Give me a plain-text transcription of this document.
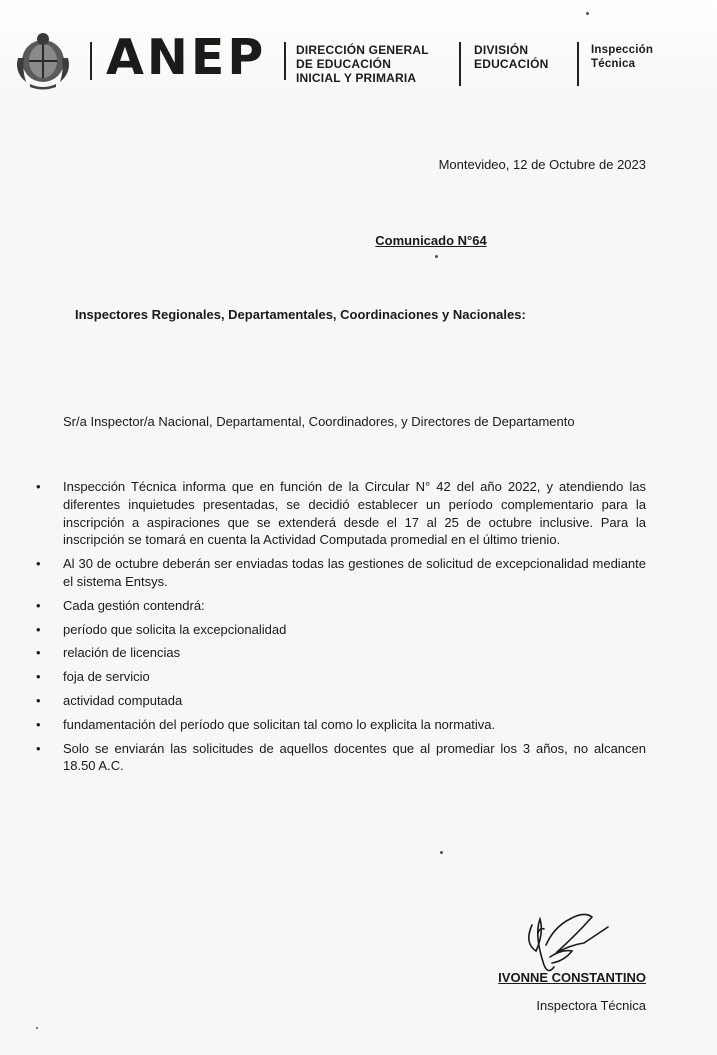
ANEP DIRECCIÓN GENERAL
DE EDUCACIÓN
INICIAL Y PRIMARIA
DIVISIÓN
EDUCACIÓN
Inspección
Técnica
Montevideo, 12 de Octubre de 2023
Comunicado N°64
Inspectores Regionales, Departamentales, Coordinaciones y Nacionales:
Sr/a Inspector/a Nacional, Departamental, Coordinadores, y Directores de Departamento
• Inspección Técnica informa que en función de la Circular N° 42 del año 2022, y atendiendo las diferentes inquietudes presentadas, se decidió establecer un período complementario para la inscripción a aspiraciones que se extenderá desde el 17 al 25 de octubre inclusive. Para la inscripción se tomará en cuenta la Actividad Computada promedial en el último trienio.
• Al 30 de octubre deberán ser enviadas todas las gestiones de solicitud de excepcionalidad mediante el sistema Entsys.
• Cada gestión contendrá:
• período que solicita la excepcionalidad
• relación de licencias
• foja de servicio
• actividad computada
• fundamentación del período que solicitan tal como lo explicita la normativa.
• Solo se enviarán las solicitudes de aquellos docentes que al promediar los 3 años, no alcancen 18.50 A.C.
IVONNE CONSTANTINO
Inspectora Técnica
